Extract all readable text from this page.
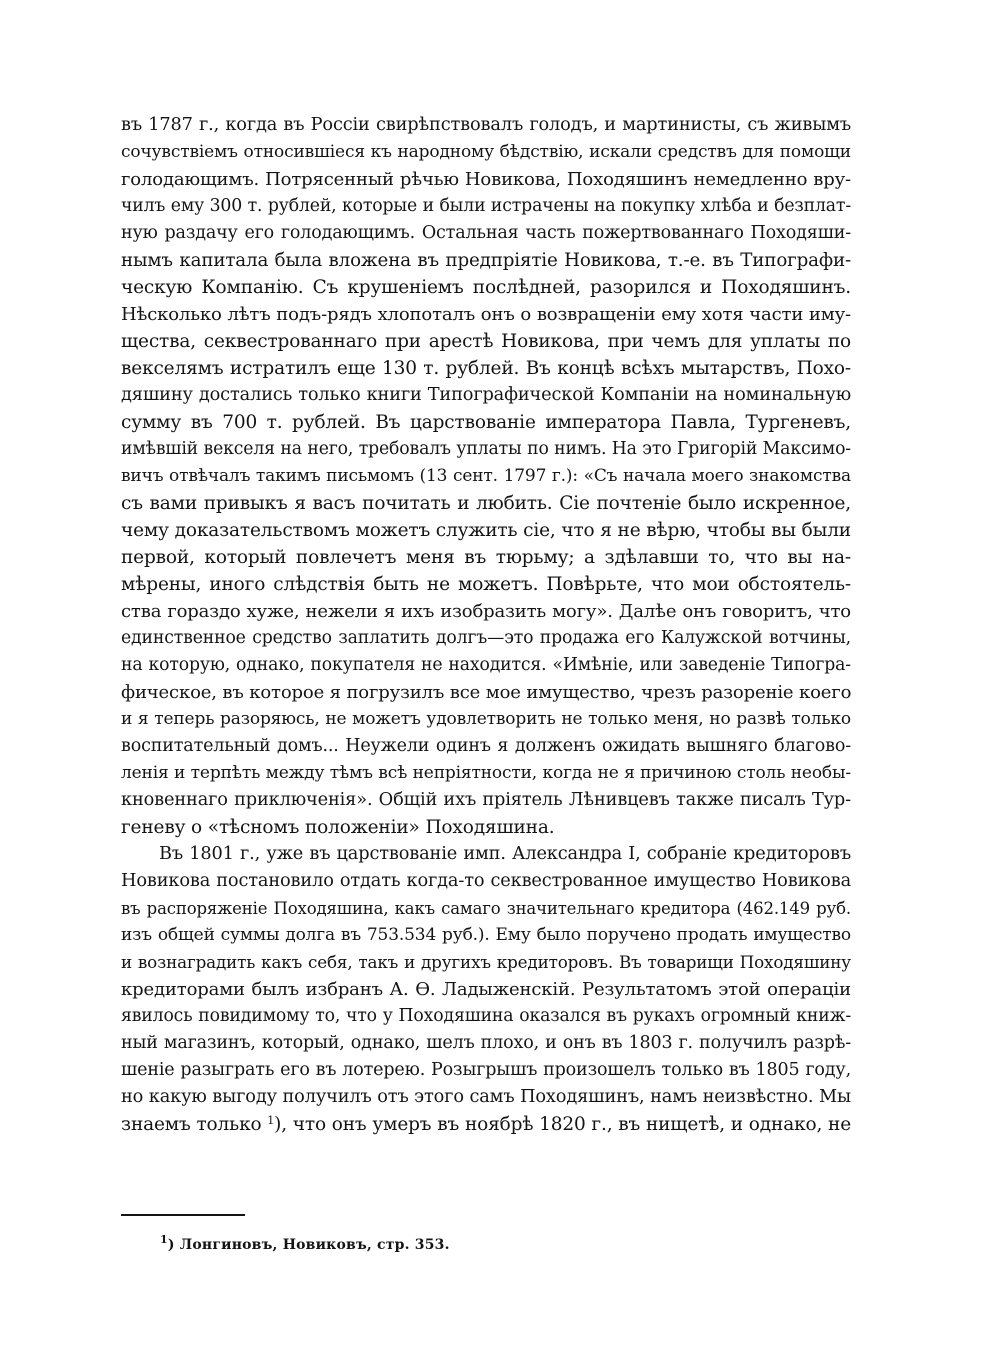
въ 1787 г., когда въ Россіи свирѣпствовалъ голодъ, и мартинисты, съ живымъ
сочувствіемъ относившіеся къ народному бѣдствію, искали средствъ для помощи
голодающимъ. Потрясенный рѣчью Новикова, Походяшинъ немедленно вру-
чилъ ему 300 т. рублей, которые и были истрачены на покупку хлѣба и безплат-
ную раздачу его голодающимъ. Остальная часть пожертвованнаго Походяши-
нымъ капитала была вложена въ предпріятіе Новикова, т.-е. въ Типографи-
ческую Компанію. Съ крушеніемъ послѣдней, разорился и Походяшинъ.
Нѣсколько лѣтъ подъ-рядъ хлопоталъ онъ о возвращеніи ему хотя части иму-
щества, секвестрованнаго при арестѣ Новикова, при чемъ для уплаты по
векселямъ истратилъ еще 130 т. рублей. Въ концѣ всѣхъ мытарствъ, Похо-
дяшину достались только книги Типографической Компаніи на номинальную
сумму въ 700 т. рублей. Въ царствованіе императора Павла, Тургеневъ,
имѣвшій векселя на него, требовалъ уплаты по нимъ. На это Григорій Максимо-
вичъ отвѣчалъ такимъ письмомъ (13 сент. 1797 г.): «Съ начала моего знакомства
съ вами привыкъ я васъ почитать и любить. Сіе почтеніе было искренное,
чему доказательствомъ можетъ служить сіе, что я не вѣрю, чтобы вы были
первой, который повлечетъ меня въ тюрьму; а здѣлавши то, что вы на-
мѣрены, иного слѣдствія быть не можетъ. Повѣрьте, что мои обстоятель-
ства гораздо хуже, нежели я ихъ изобразить могу». Далѣе онъ говоритъ, что
единственное средство заплатить долгъ—это продажа его Калужской вотчины,
на которую, однако, покупателя не находится. «Имѣніе, или заведеніе Типогра-
фическое, въ которое я погрузилъ все мое имущество, чрезъ разореніе коего
и я теперь разоряюсь, не можетъ удовлетворить не только меня, но развѣ только
воспитательный домъ... Неужели одинъ я долженъ ожидать вышняго благово-
ленія и терпѣть между тѣмъ всѣ непріятности, когда не я причиною столь необы-
кновеннаго приключенія». Общій ихъ пріятель Лѣнивцевъ также писалъ Тур-
геневу о «тѣсномъ положеніи» Походяшина.
Въ 1801 г., уже въ царствованіе имп. Александра I, собраніе кредиторовъ
Новикова постановило отдать когда-то секвестрованное имущество Новикова
въ распоряженіе Походяшина, какъ самаго значительнаго кредитора (462.149 руб.
изъ общей суммы долга въ 753.534 руб.). Ему было поручено продать имущество
и вознаградить какъ себя, такъ и другихъ кредиторовъ. Въ товарищи Походяшину
кредиторами былъ избранъ А. Ѳ. Ладыженскій. Результатомъ этой операціи
явилось повидимому то, что у Походяшина оказался въ рукахъ огромный книж-
ный магазинъ, который, однако, шелъ плохо, и онъ въ 1803 г. получилъ разрѣ-
шеніе разыграть его въ лотерею. Розыгрышъ произошелъ только въ 1805 году,
но какую выгоду получилъ отъ этого самъ Походяшинъ, намъ неизвѣстно. Мы
знаемъ только $^1$), что онъ умеръ въ ноябрѣ 1820 г., въ нищетѣ, и однако, не
$^1$) Лонгиновъ, Новиковъ, стр. 353.
